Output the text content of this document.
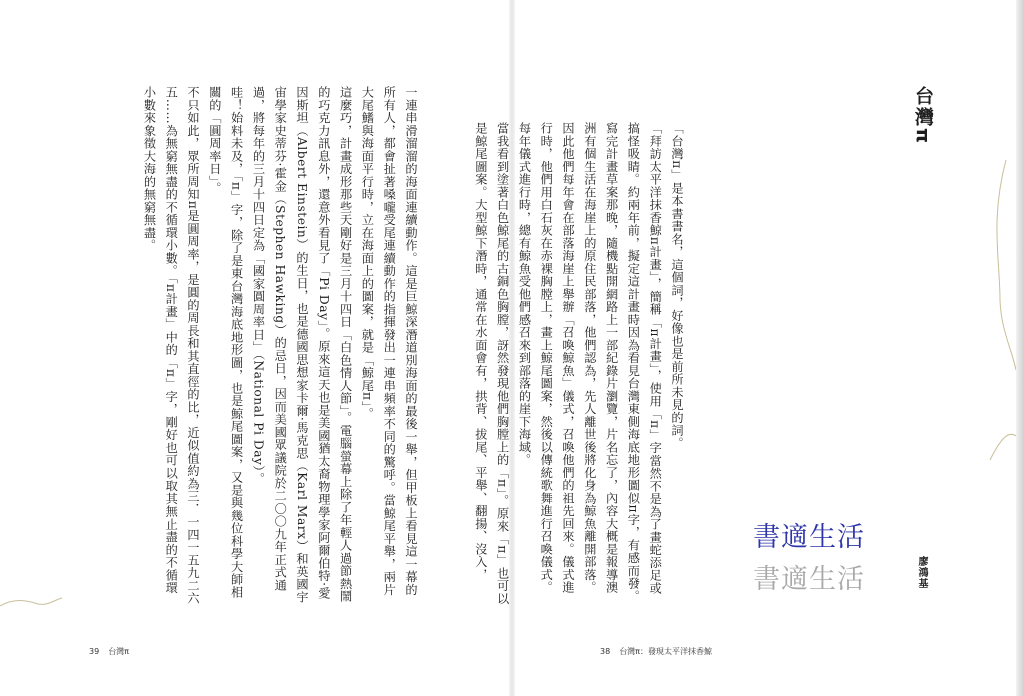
台灣π
廖鴻基

「台灣π」是本書書名，這個詞，好像也是前所未見的詞。

「拜訪太平洋抹香鯨π計畫」，簡稱「π計畫」，使用「π」字當然不是為了畫蛇添足或搞怪吸睛。約兩年前，擬定這計畫時因為看見台灣東側海底地形圖似π字，有感而發。寫完計畫草案那晚，隨機點開網路上一部紀錄片瀏覽，片名忘了，內容大概是報導澳洲有個生活在海崖上的原住民部落，他們認為，先人離世後將化身為鯨魚離開部落。因此他們每年會在部落海崖上舉辦「召喚鯨魚」儀式，召喚他們的祖先回來。儀式進行時，他們用白石灰在赤裸胸膛上，畫上鯨尾圖案，然後以傳統歌舞進行召喚儀式。每年儀式進行時，總有鯨魚受他們感召來到部落的崖下海域。

當我看到塗著白色鯨尾的古銅色胸膛，訝然發現他們胸膛上的「π」。原來「π」也可以是鯨尾圖案。大型鯨下潛時，通常在水面會有，拱背、拔尾、平舉、翻揚、沒入，

一連串滑溜溜的海面連續動作。這是巨鯨深潛道別海面的最後一舉，但甲板上看見這一幕的所有人，都會扯著嗓嚨受尾連續動作的指揮發出一連串頻率不同的驚呼。當鯨尾平舉，兩片大尾鰭與海面平行時，立在海面上的圖案，就是「鯨尾π」。

這麼巧，計畫成形那些天剛好是三月十四日「白色情人節」。電腦螢幕上除了年輕人過節熱鬧的巧克力訊息外，還意外看見了「Pi Day」。原來這天也是美國猶太裔物理學家阿爾伯特·愛因斯坦（Albert Einstein）的生日，也是德國思想家卡爾·馬克思（Karl Marx）和英國宇宙學家史蒂芬·霍金（Stephen Hawking）的忌日，因而美國眾議院於二〇〇九年正式通過，將每年的三月十四日定為「國家圓周率日」（National Pi Day）。

哇！始料未及，「π」字，除了是東台灣海底地形圖，也是鯨尾圖案，又是與幾位科學大師相關的「圓周率日」。

不只如此，眾所周知π是圓周率，是圓的周長和其直徑的比，近似值約為三．一四一五九二六五……為無窮無盡的不循環小數。「π計畫」中的「π」字，剛好也可以取其無止盡的不循環小數來象徵大海的無窮無盡。

39 台灣π	38 台灣π：發現太平洋抹香鯨
書適生活
書適生活
